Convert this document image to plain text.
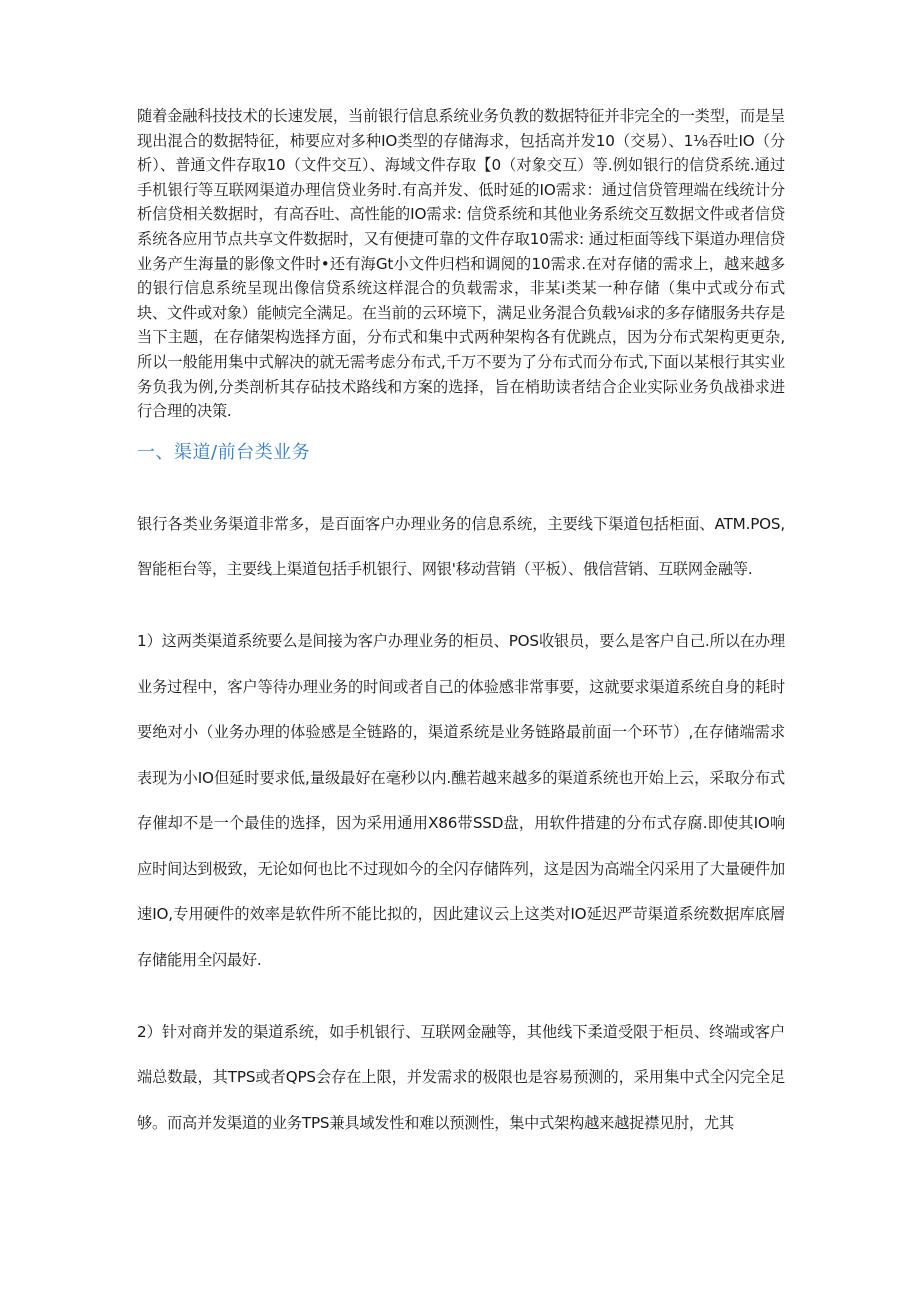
随着金融科技技术的长速发展，当前银行信息系统业务负教的数据特征并非完全的一类型，而是呈现出混合的数据特征，柿要应对多种IO类型的存储海求，包括高并发10（交易）、1⅛吞吐IO（分析）、普通文件存取10（文件交互）、海域文件存取【0（对象交互）等.例如银行的信贷系统.通过手机银行等互联网渠道办理信贷业务时.有高并发、低时延的IO需求：通过信贷管理端在线统计分析信贷相关数据时，有高吞吐、高性能的IO需求: 信贷系统和其他业务系统交互数据文件或者信贷系统各应用节点共享文件数据时，又有便捷可靠的文件存取10需求: 通过柜面等线下渠道办理信贷业务产生海量的影像文件时•还有海Gt小文件归档和调阅的10需求.在对存储的需求上，越来越多的银行信息系统呈现出像信贷系统这样混合的负载需求，非某i类某一种存储（集中式或分布式块、文件或对象）能帧完全满足。在当前的云环境下，满足业务混合负载⅛i求的多存储服务共存是当下主题，在存储架构选择方面，分布式和集中式两种架构各有优跳点，因为分布式架构更更杂,所以一般能用集中式解决的就无需考虑分布式,千万不要为了分布式而分布式,下面以某根行其实业务负我为例,分类剖析其存砧技术路线和方案的选择，旨在梢助读者结合企业实际业务负战褂求进行合理的决策.

一、渠道/前台类业务

银行各类业务渠道非常多，是百面客户办理业务的信息系统，主要线下渠道包括柜面、ATM.POS,智能柜台等，主要线上渠道包括手机银行、网银'移动营销（平板）、俄信营销、互联网金融等.

1）这两类渠道系统要么是间接为客户办理业务的柜员、POS收银员，要么是客户自己.所以在办理业务过程中，客户等待办理业务的时间或者自己的体验感非常事要，这就要求渠道系统自身的耗时要绝对小（业务办理的体验感是全链路的，渠道系统是业务链路最前面一个环节）,在存储端需求表现为小IO但延时要求低,量级最好在毫秒以内.醮若越来越多的渠道系统也开始上云，采取分布式存催却不是一个最佳的选择，因为采用通用X86带SSD盘，用软件措建的分布式存腐.即使其IO响应时间达到极致，无论如何也比不过现如今的全闪存储阵列，这是因为高端全闪采用了大量硬件加速IO,专用硬件的效率是软件所不能比拟的，因此建议云上这类对IO延迟严苛渠道系统数据库底層存储能用全闪最好.

2）针对商并发的渠道系统，如手机银行、互联网金融等，其他线下柔道受限于柜员、终端或客户端总数最，其TPS或者QPS会存在上限，并发需求的极限也是容易预测的，采用集中式全闪完全足够。而高并发渠道的业务TPS兼具域发性和难以预测性，集中式架构越来越捉襟见肘，尤其
